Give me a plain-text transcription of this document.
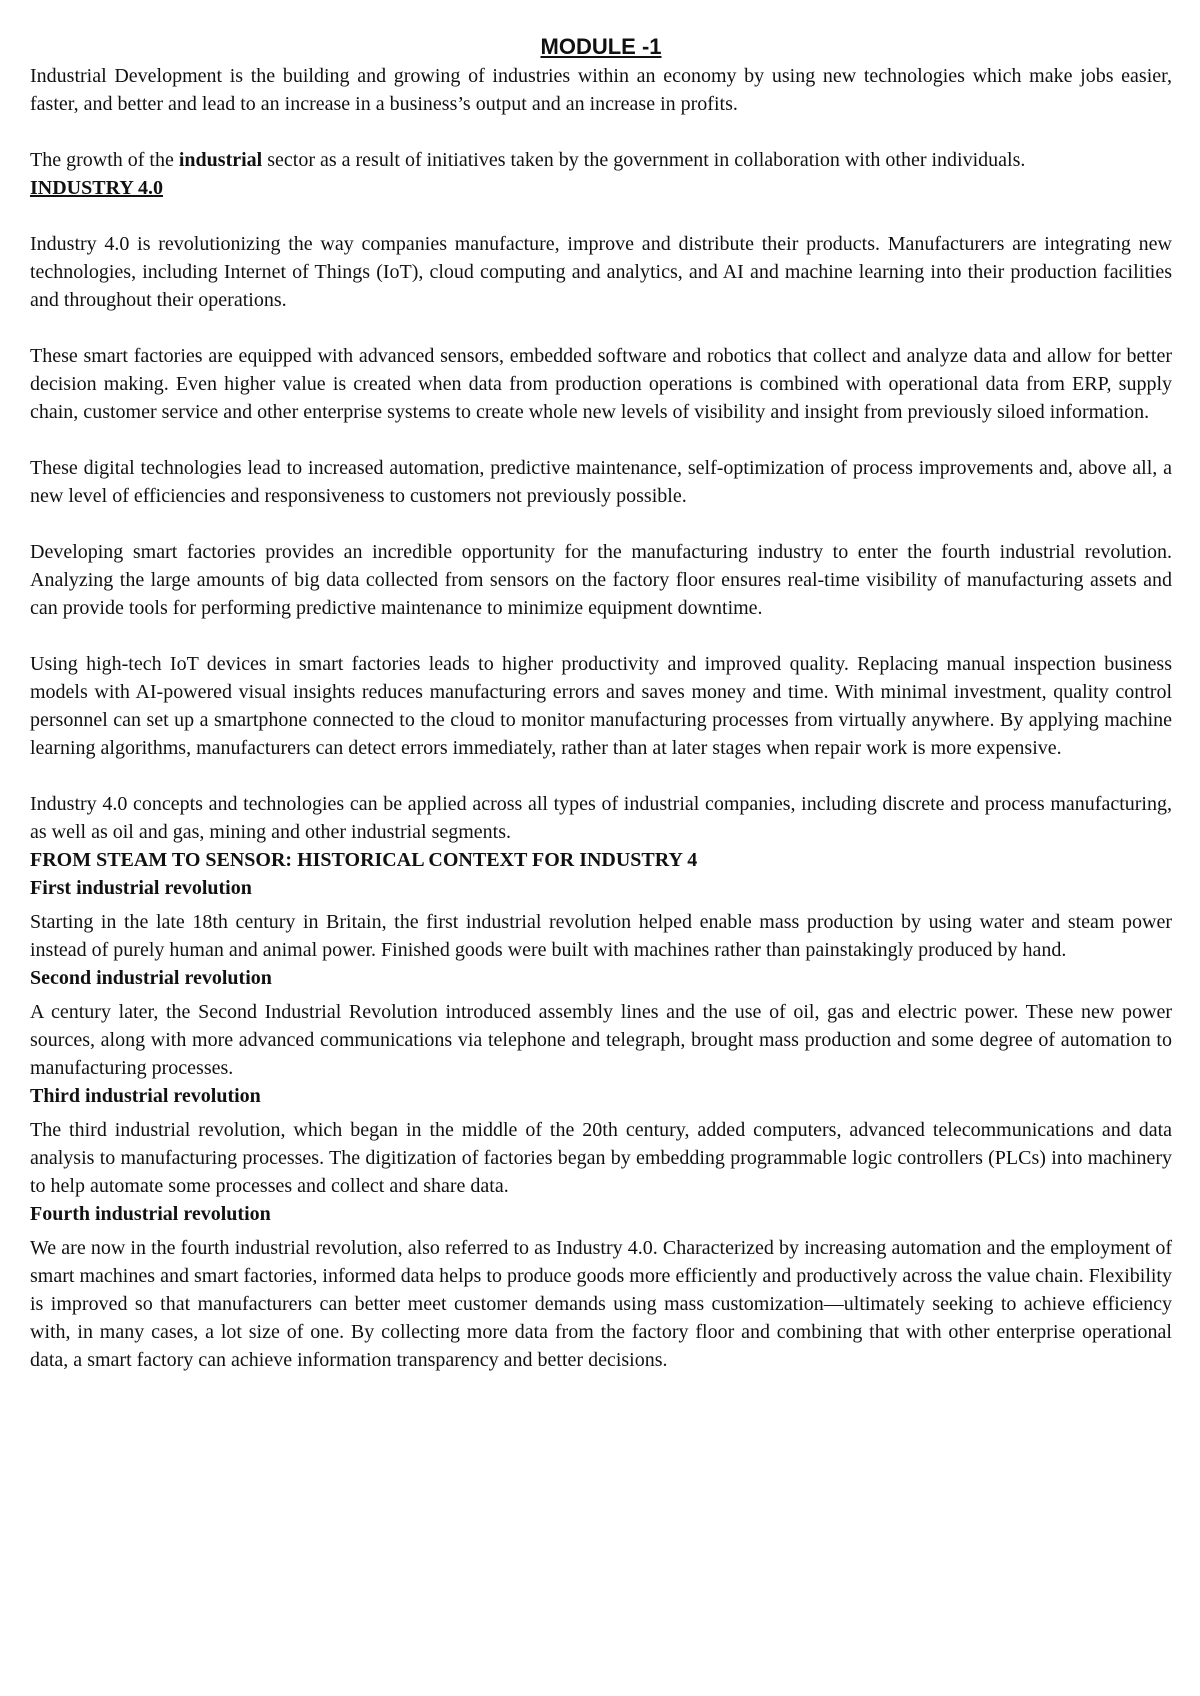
MODULE -1

Industrial Development is the building and growing of industries within an economy by using new technologies which make jobs easier, faster, and better and lead to an increase in a business’s output and an increase in profits.

The growth of the industrial sector as a result of initiatives taken by the government in collaboration with other individuals.

INDUSTRY 4.0

Industry 4.0 is revolutionizing the way companies manufacture, improve and distribute their products. Manufacturers are integrating new technologies, including Internet of Things (IoT), cloud computing and analytics, and AI and machine learning into their production facilities and throughout their operations.

These smart factories are equipped with advanced sensors, embedded software and robotics that collect and analyze data and allow for better decision making. Even higher value is created when data from production operations is combined with operational data from ERP, supply chain, customer service and other enterprise systems to create whole new levels of visibility and insight from previously siloed information.

These digital technologies lead to increased automation, predictive maintenance, self-optimization of process improvements and, above all, a new level of efficiencies and responsiveness to customers not previously possible.

Developing smart factories provides an incredible opportunity for the manufacturing industry to enter the fourth industrial revolution. Analyzing the large amounts of big data collected from sensors on the factory floor ensures real-time visibility of manufacturing assets and can provide tools for performing predictive maintenance to minimize equipment downtime.

Using high-tech IoT devices in smart factories leads to higher productivity and improved quality. Replacing manual inspection business models with AI-powered visual insights reduces manufacturing errors and saves money and time. With minimal investment, quality control personnel can set up a smartphone connected to the cloud to monitor manufacturing processes from virtually anywhere. By applying machine learning algorithms, manufacturers can detect errors immediately, rather than at later stages when repair work is more expensive.

Industry 4.0 concepts and technologies can be applied across all types of industrial companies, including discrete and process manufacturing, as well as oil and gas, mining and other industrial segments.

FROM STEAM TO SENSOR: HISTORICAL CONTEXT FOR INDUSTRY 4
First industrial revolution

Starting in the late 18th century in Britain, the first industrial revolution helped enable mass production by using water and steam power instead of purely human and animal power. Finished goods were built with machines rather than painstakingly produced by hand.

Second industrial revolution

A century later, the Second Industrial Revolution introduced assembly lines and the use of oil, gas and electric power. These new power sources, along with more advanced communications via telephone and telegraph, brought mass production and some degree of automation to manufacturing processes.

Third industrial revolution

The third industrial revolution, which began in the middle of the 20th century, added computers, advanced telecommunications and data analysis to manufacturing processes. The digitization of factories began by embedding programmable logic controllers (PLCs) into machinery to help automate some processes and collect and share data.

Fourth industrial revolution

We are now in the fourth industrial revolution, also referred to as Industry 4.0. Characterized by increasing automation and the employment of smart machines and smart factories, informed data helps to produce goods more efficiently and productively across the value chain. Flexibility is improved so that manufacturers can better meet customer demands using mass customization—ultimately seeking to achieve efficiency with, in many cases, a lot size of one. By collecting more data from the factory floor and combining that with other enterprise operational data, a smart factory can achieve information transparency and better decisions.
